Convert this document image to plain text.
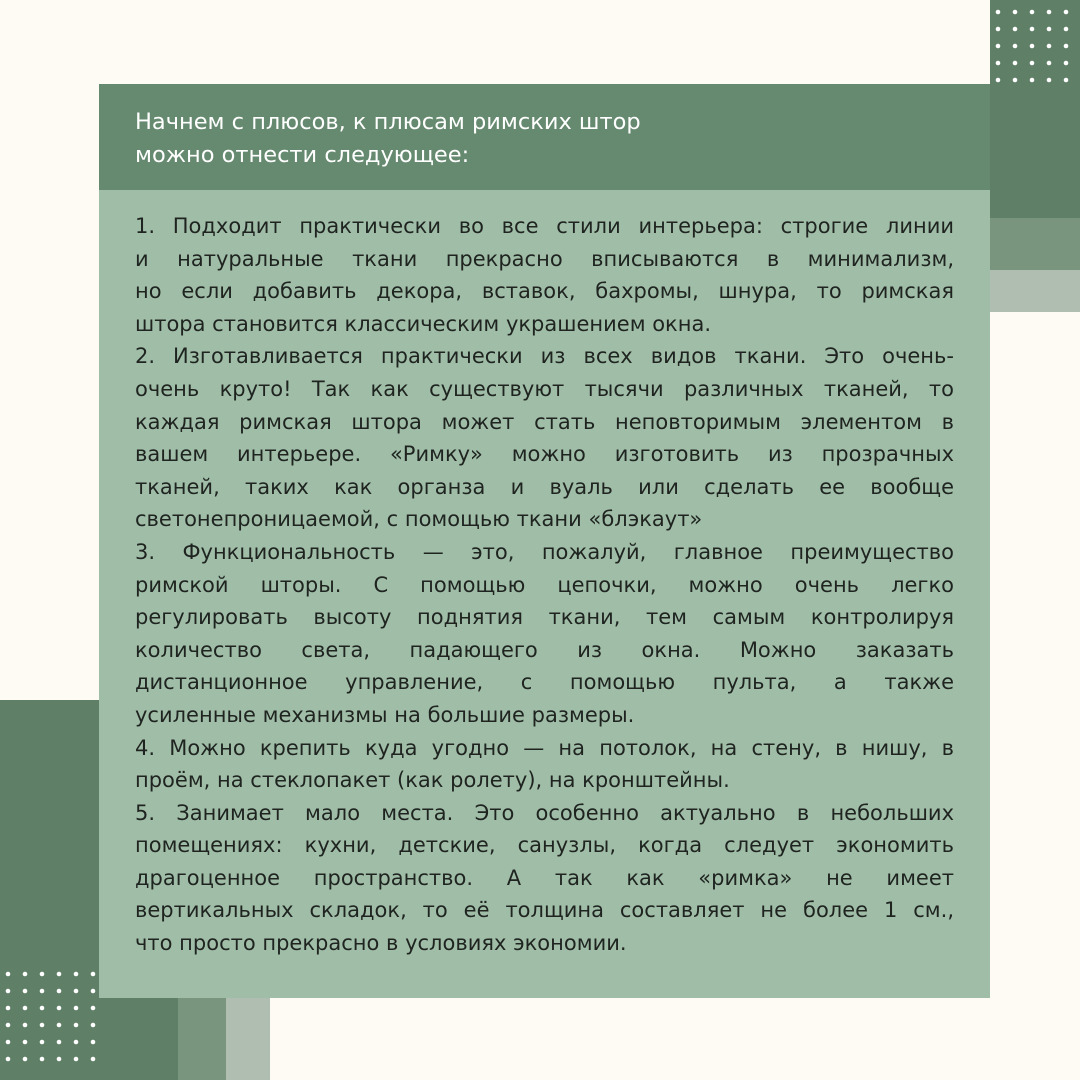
Начнем с плюсов, к плюсам римских штор
можно отнести следующее:

1. Подходит практически во все стили интерьера: строгие линии
и натуральные ткани прекрасно вписываются в минимализм,
но если добавить декора, вставок, бахромы, шнура, то римская
штора становится классическим украшением окна.

2. Изготавливается практически из всех видов ткани. Это очень-
очень круто! Так как существуют тысячи различных тканей, то
каждая римская штора может стать неповторимым элементом в
вашем интерьере. «Римку» можно изготовить из прозрачных
тканей, таких как органза и вуаль или сделать ее вообще
светонепроницаемой, с помощью ткани «блэкаут»

3. Функциональность — это, пожалуй, главное преимущество
римской шторы. С помощью цепочки, можно очень легко
регулировать высоту поднятия ткани, тем самым контролируя
количество света, падающего из окна. Можно заказать
дистанционное управление, с помощью пульта, а также
усиленные механизмы на большие размеры.

4. Можно крепить куда угодно — на потолок, на стену, в нишу, в
проём, на стеклопакет (как ролету), на кронштейны.

5. Занимает мало места. Это особенно актуально в небольших
помещениях: кухни, детские, санузлы, когда следует экономить
драгоценное пространство. А так как «римка» не имеет
вертикальных складок, то её толщина составляет не более 1 см.,
что просто прекрасно в условиях экономии.
